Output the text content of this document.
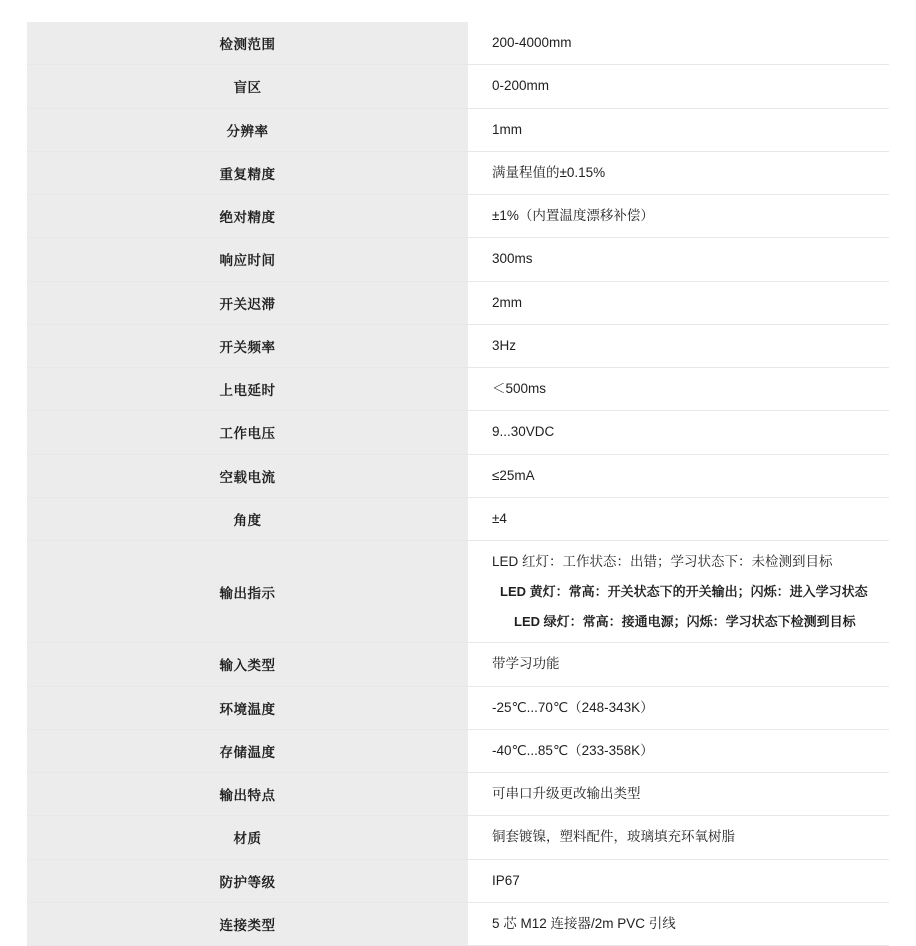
检测范围	200-4000mm
盲区	0-200mm
分辨率	1mm
重复精度	满量程值的±0.15%
绝对精度	±1%（内置温度漂移补偿）
响应时间	300ms
开关迟滞	2mm
开关频率	3Hz
上电延时	＜500ms
工作电压	9...30VDC
空载电流	≤25mA
角度	±4
输出指示	LED 红灯：工作状态：出错；学习状态下：未检测到目标
LED 黄灯：常高：开关状态下的开关输出；闪烁：进入学习状态
LED 绿灯：常高：接通电源；闪烁：学习状态下检测到目标

输入类型	带学习功能
环境温度	-25℃...70℃（248-343K）
存储温度	-40℃...85℃（233-358K）
输出特点	可串口升级更改输出类型
材质	铜套镀镍，塑料配件，玻璃填充环氧树脂
防护等级	IP67
连接类型	5 芯 M12 连接器/2m PVC 引线
